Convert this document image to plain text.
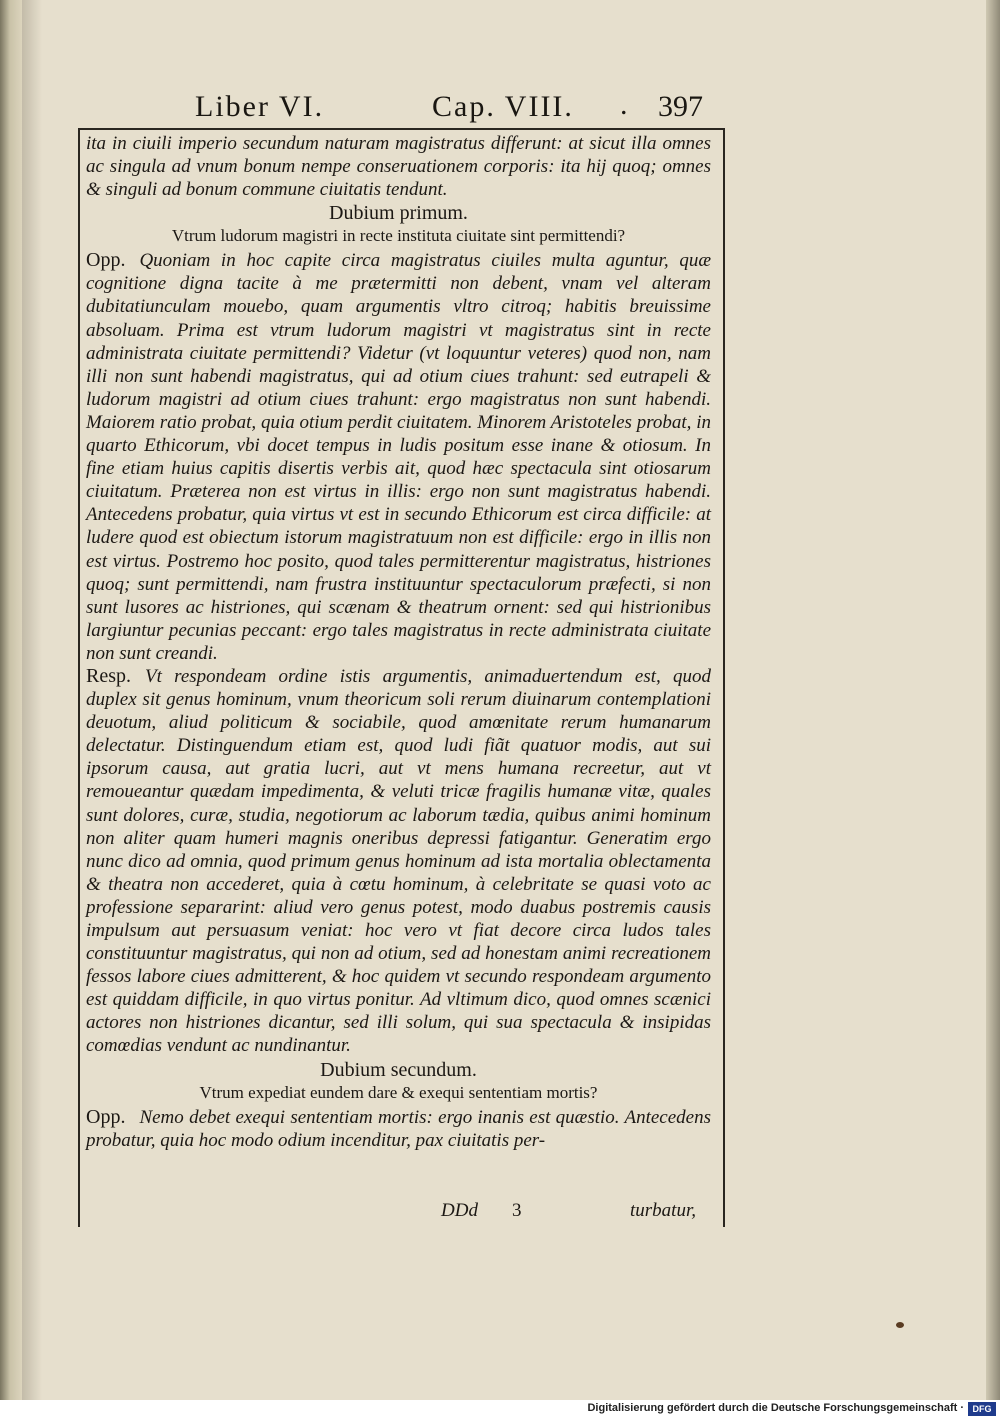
Liber VI.	Cap. VIII. . 397

ita in ciuili imperio secundum naturam magistratus differunt: at sicut illa omnes ac singula ad vnum bonum nempe conseruationem corporis: ita hij quoq; omnes & singuli ad bonum commune ciuitatis tendunt.

Dubium primum.

Vtrum ludorum magistri in recte instituta ciuitate sint permittendi?

Opp. Quoniam in hoc capite circa magistratus ciuiles multa aguntur, quæ cognitione digna tacite à me prætermitti non debent, vnam vel alteram dubitatiunculam mouebo, quam argumentis vltro citroq; habitis breuissime absoluam. Prima est vtrum ludorum magistri vt magistratus sint in recte administrata ciuitate permittendi? Videtur (vt loquuntur veteres) quod non, nam illi non sunt habendi magistratus, qui ad otium ciues trahunt: sed eutrapeli & ludorum magistri ad otium ciues trahunt: ergo magistratus non sunt habendi. Maiorem ratio probat, quia otium perdit ciuitatem. Minorem Aristoteles probat, in quarto Ethicorum, vbi docet tempus in ludis positum esse inane & otiosum. In fine etiam huius capitis disertis verbis ait, quod hæc spectacula sint otiosarum ciuitatum. Præterea non est virtus in illis: ergo non sunt magistratus habendi. Antecedens probatur, quia virtus vt est in secundo Ethicorum est circa difficile: at ludere quod est obiectum istorum magistratuum non est difficile: ergo in illis non est virtus. Postremo hoc posito, quod tales permitterentur magistratus, histriones quoq; sunt permittendi, nam frustra instituuntur spectaculorum præfecti, si non sunt lusores ac histriones, qui scænam & theatrum ornent: sed qui histrionibus largiuntur pecunias peccant: ergo tales magistratus in recte administrata ciuitate non sunt creandi.

Resp. Vt respondeam ordine istis argumentis, animaduertendum est, quod duplex sit genus hominum, vnum theoricum soli rerum diuinarum contemplationi deuotum, aliud politicum & sociabile, quod amœnitate rerum humanarum delectatur. Distinguendum etiam est, quod ludi fiãt quatuor modis, aut sui ipsorum causa, aut gratia lucri, aut vt mens humana recreetur, aut vt remoueantur quædam impedimenta, & veluti tricæ fragilis humanæ vitæ, quales sunt dolores, curæ, studia, negotiorum ac laborum tædia, quibus animi hominum non aliter quam humeri magnis oneribus depressi fatigantur. Generatim ergo nunc dico ad omnia, quod primum genus hominum ad ista mortalia oblectamenta & theatra non accederet, quia à cœtu hominum, à celebritate se quasi voto ac professione separarint: aliud vero genus potest, modo duabus postremis causis impulsum aut persuasum veniat: hoc vero vt fiat decore circa ludos tales constituuntur magistratus, qui non ad otium, sed ad honestam animi recreationem fessos labore ciues admitterent, & hoc quidem vt secundo respondeam argumento est quiddam difficile, in quo virtus ponitur. Ad vltimum dico, quod omnes scænici actores non histriones dicantur, sed illi solum, qui sua spectacula & insipidas comœdias vendunt ac nundinantur.

Dubium secundum.

Vtrum expediat eundem dare & exequi sententiam mortis?

Opp. Nemo debet exequi sententiam mortis: ergo inanis est quæstio. Antecedens probatur, quia hoc modo odium incenditur, pax ciuitatis per-

DDd 3	turbatur,
Digitalisierung gefördert durch die Deutsche Forschungsgemeinschaft · DFG
